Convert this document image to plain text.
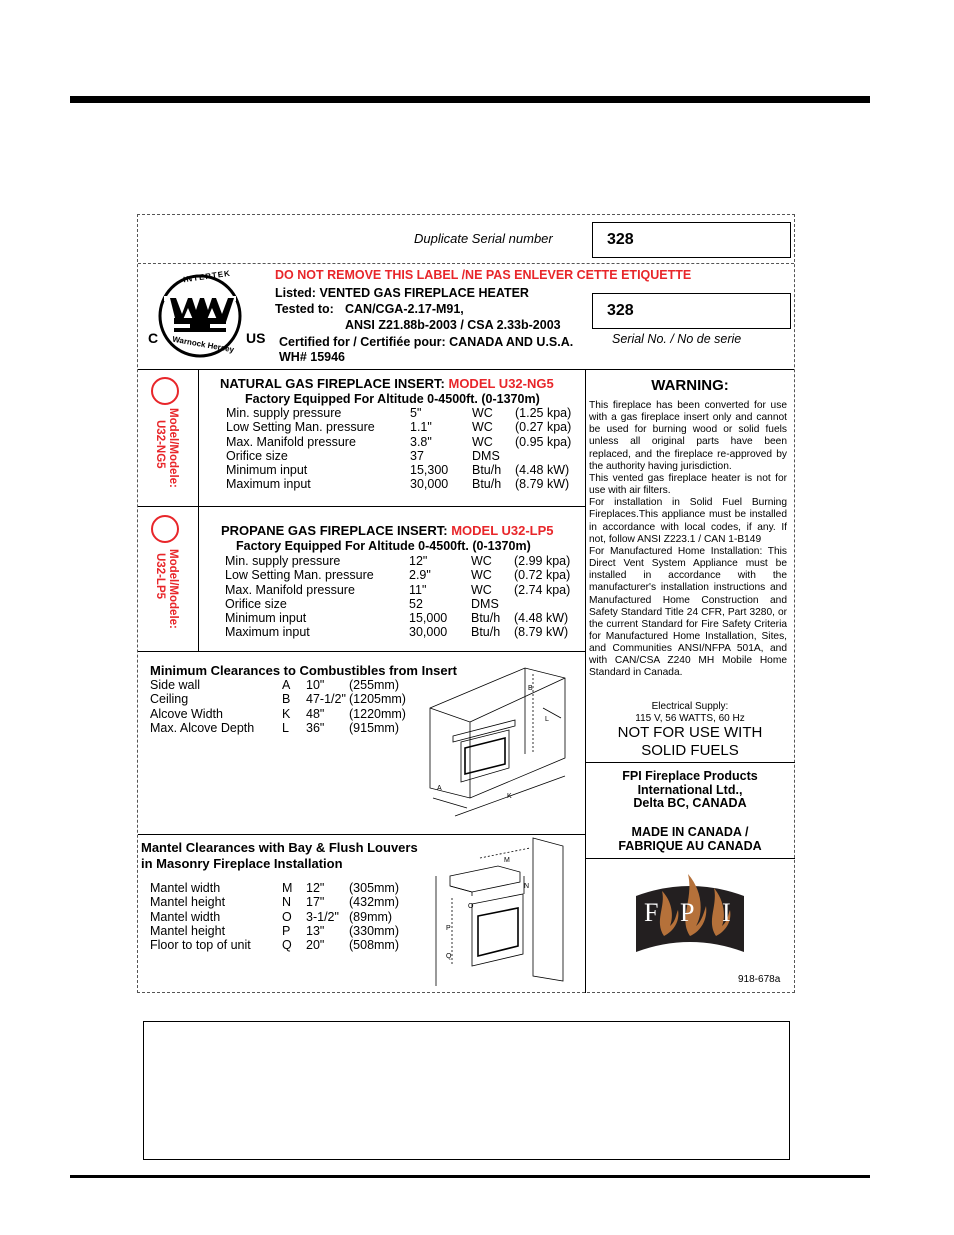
Duplicate Serial number	328
328
Serial No. / No de serie
INTERTEK
Warnock Hersey
C	US
DO NOT REMOVE THIS LABEL /NE PAS ENLEVER CETTE ETIQUETTE
Listed: VENTED GAS FIREPLACE HEATER
Tested to: CAN/CGA-2.17-M91,
ANSI Z21.88b-2003 / CSA 2.33b-2003
Certified for / Certifiée pour: CANADA AND U.S.A.
WH# 15946
Model/Modele:
U32-NG5
NATURAL GAS FIREPLACE INSERT: MODEL U32-NG5
Factory Equipped For Altitude 0-4500ft. (0-1370m)
Min. supply pressure	5"	WC (1.25 kpa)
Low Setting Man. pressure	1.1"	WC (0.27 kpa)
Max. Manifold pressure	3.8"	WC (0.95 kpa)
Orifice size	37	DMS
Minimum input	15,300 Btu/h (4.48 kW)
Maximum input	30,000 Btu/h (8.79 kW)
Model/Modele:
U32-LP5
PROPANE GAS FIREPLACE INSERT: MODEL U32-LP5
Factory Equipped For Altitude 0-4500ft. (0-1370m)
Min. supply pressure	12"	WC (2.99 kpa)
Low Setting Man. pressure	2.9"	WC (0.72 kpa)
Max. Manifold pressure	11"	WC (2.74 kpa)
Orifice size	52	DMS
Minimum input	15,000 Btu/h (4.48 kW)
Maximum input	30,000 Btu/h (8.79 kW)
Minimum Clearances to Combustibles from Insert
Side wall	A 10" (255mm)
Ceiling	B 47-1/2" (1205mm)
Alcove Width	K 48" (1220mm)
Max. Alcove Depth L 36" (915mm)
B
L
A
K
Mantel Clearances with Bay & Flush Louvers
in Masonry Fireplace Installation
Mantel width	M 12" (305mm)
Mantel height	N 17" (432mm)
Mantel width	O 3-1/2" (89mm)
Mantel height	P 13" (330mm)
Floor to top of unit Q 20" (508mm)
M
N
O
P
Q
WARNING:

This fireplace has been converted for use with a gas fireplace insert only and cannot be used for burning wood or solid fuels unless all original parts have been replaced, and the fireplace re-approved by the authority having jurisdiction.

This vented gas fireplace heater is not for use with air filters.

For installation in Solid Fuel Burning Fireplaces.This appliance must be installed in accordance with local codes, if any. If not, follow ANSI Z223.1 / CAN 1-B149

For Manufactured Home Installation: This Direct Vent System Appliance must be installed in accordance with the manufacturer's installation instructions and Manufactured Home Construction and Safety Standard Title 24 CFR, Part 3280, or the current Standard for Fire Safety Criteria for Manufactured Home Installation, Sites, and Communities ANSI/NFPA 501A, and with CAN/CSA Z240 MH Mobile Home Standard in Canada.

Electrical Supply:
115 V, 56 WATTS, 60 Hz
NOT FOR USE WITH
SOLID FUELS
FPI Fireplace Products
International Ltd.,
Delta BC, CANADA
MADE IN CANADA /
FABRIQUE AU CANADA
F P I
918-678a
